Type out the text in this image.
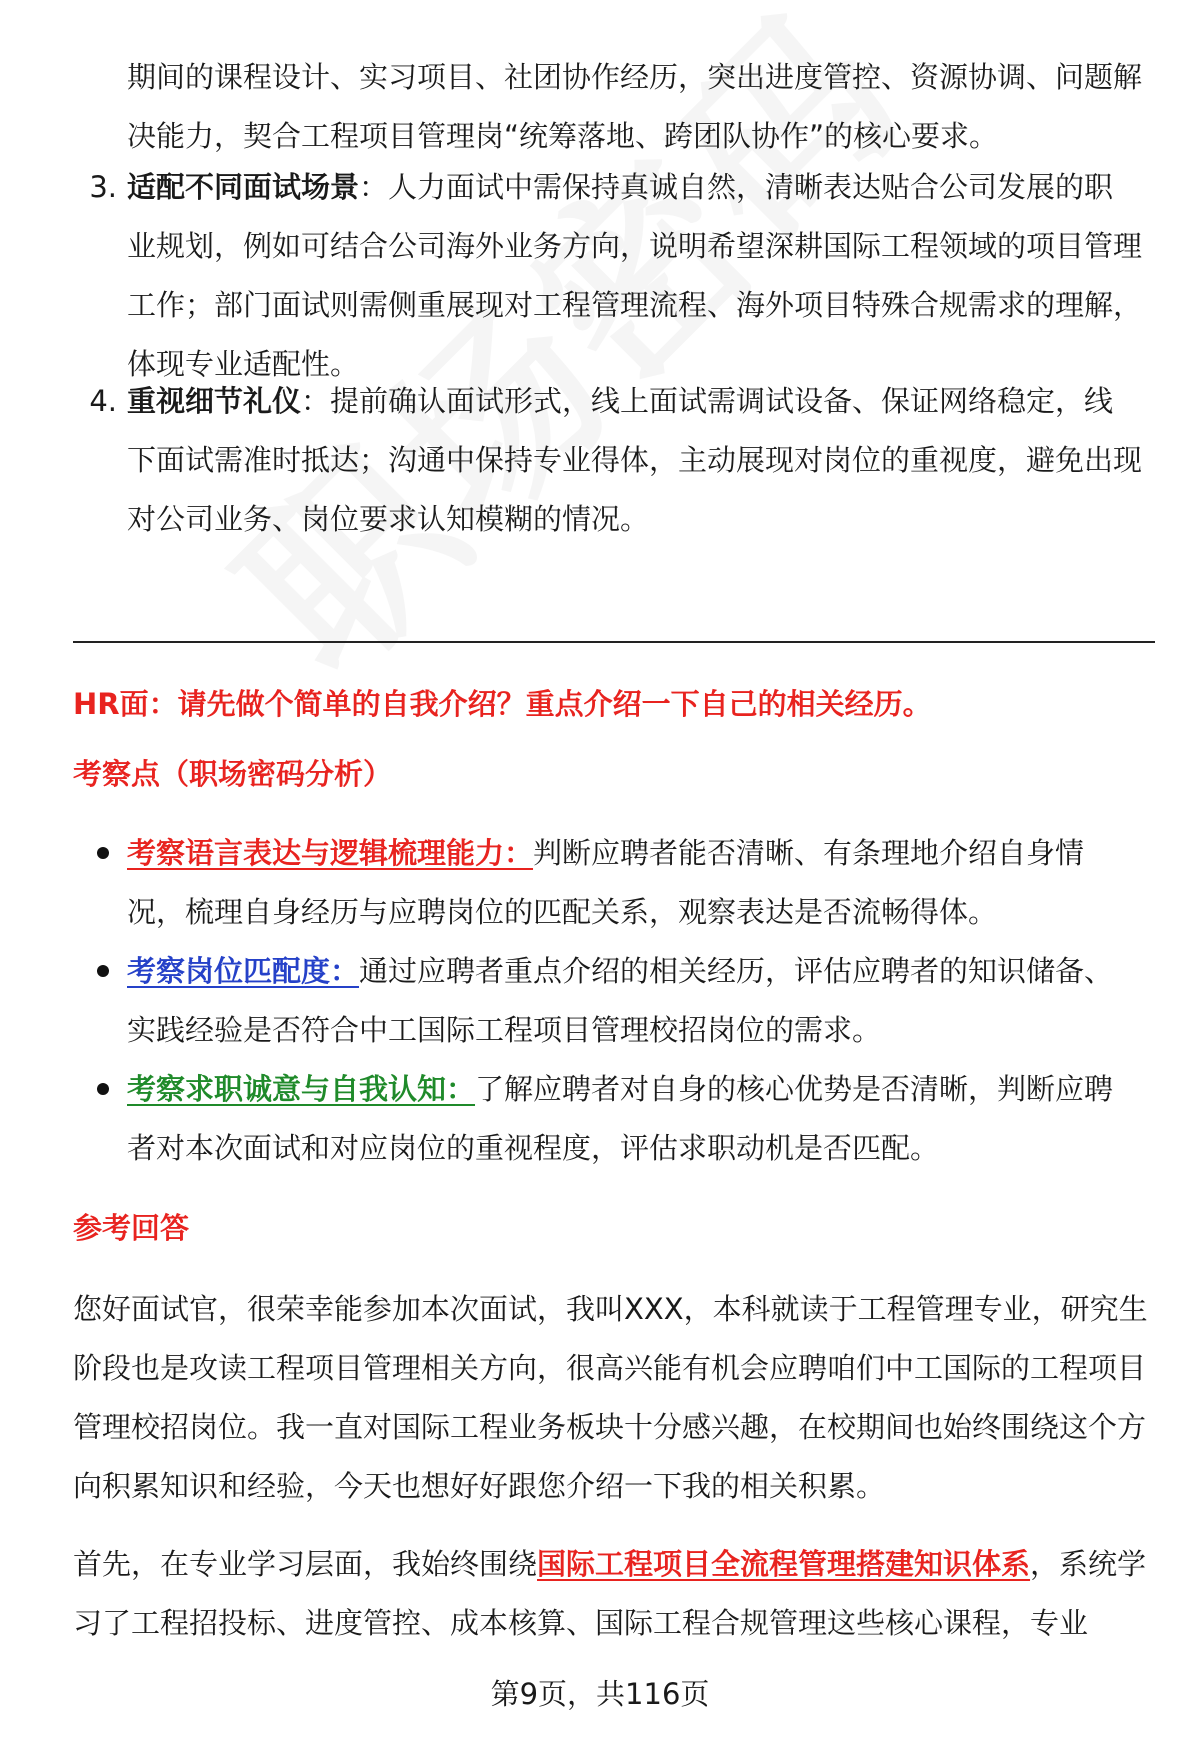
期间的课程设计、实习项目、社团协作经历，突出进度管控、资源协调、问题解决能力，契合工程项目管理岗“统筹落地、跨团队协作”的核心要求。
3. 适配不同面试场景：人力面试中需保持真诚自然，清晰表达贴合公司发展的职业规划，例如可结合公司海外业务方向，说明希望深耕国际工程领域的项目管理工作；部门面试则需侧重展现对工程管理流程、海外项目特殊合规需求的理解，体现专业适配性。
4. 重视细节礼仪：提前确认面试形式，线上面试需调试设备、保证网络稳定，线下面试需准时抵达；沟通中保持专业得体，主动展现对岗位的重视度，避免出现对公司业务、岗位要求认知模糊的情况。
HR面：请先做个简单的自我介绍？重点介绍一下自己的相关经历。
考察点（职场密码分析）
考察语言表达与逻辑梳理能力：判断应聘者能否清晰、有条理地介绍自身情况，梳理自身经历与应聘岗位的匹配关系，观察表达是否流畅得体。
考察岗位匹配度：通过应聘者重点介绍的相关经历，评估应聘者的知识储备、实践经验是否符合中工国际工程项目管理校招岗位的需求。
考察求职诚意与自我认知：了解应聘者对自身的核心优势是否清晰，判断应聘者对本次面试和对应岗位的重视程度，评估求职动机是否匹配。
参考回答
您好面试官，很荣幸能参加本次面试，我叫XXX，本科就读于工程管理专业，研究生阶段也是攻读工程项目管理相关方向，很高兴能有机会应聘咱们中工国际的工程项目管理校招岗位。我一直对国际工程业务板块十分感兴趣，在校期间也始终围绕这个方向积累知识和经验，今天也想好好跟您介绍一下我的相关积累。
首先，在专业学习层面，我始终围绕国际工程项目全流程管理搭建知识体系，系统学习了工程招投标、进度管控、成本核算、国际工程合规管理这些核心课程，专业
第9页，共116页
